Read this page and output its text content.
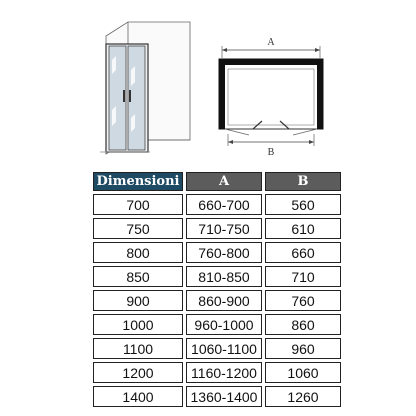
A
B
Dimensioni	A	B
700	660-700	560
750	710-750	610
800	760-800	660
850	810-850	710
900	860-900	760
1000	960-1000	860
1100	1060-1100	960
1200	1160-1200	1060
1400	1360-1400	1260
